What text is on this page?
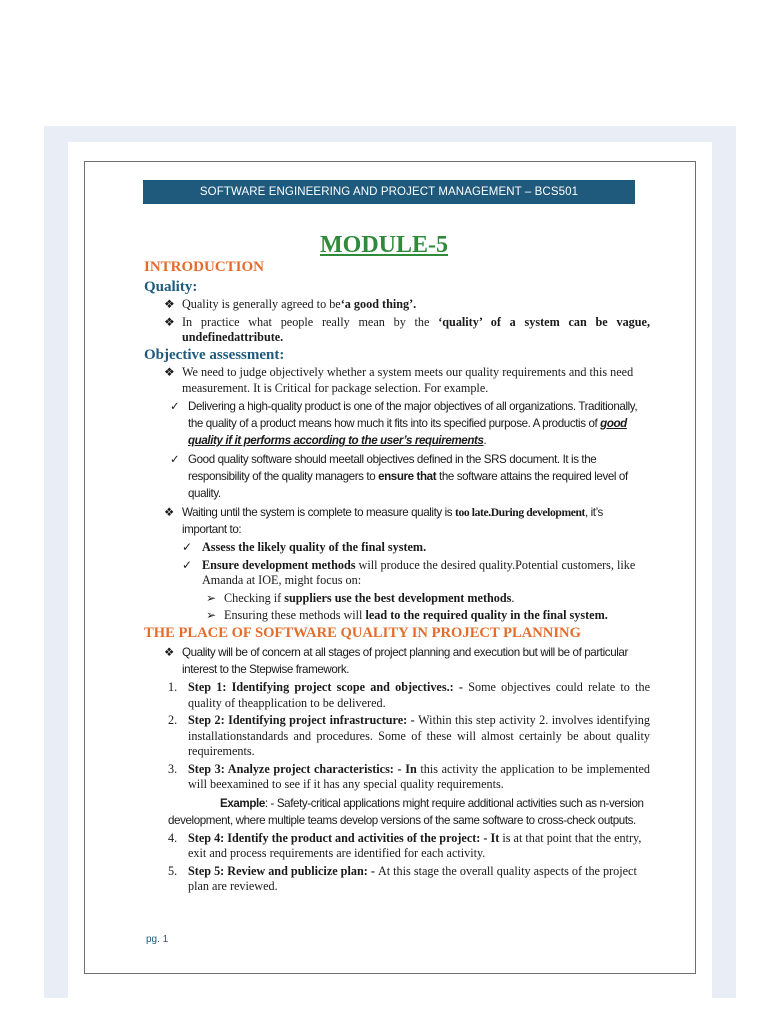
SOFTWARE ENGINEERING AND PROJECT MANAGEMENT – BCS501
MODULE-5
INTRODUCTION
Quality:
❖ Quality is generally agreed to be‘a good thing’.
❖ In practice what people really mean by the ‘quality’ of a system can be vague, undefinedattribute.
Objective assessment:
❖ We need to judge objectively whether a system meets our quality requirements and this need measurement. It is Critical for package selection. For example.
✓ Delivering a high-quality product is one of the major objectives of all organizations. Traditionally, the quality of a product means how much it fits into its specified purpose. A productis of good quality if it performs according to the user’s requirements.
✓ Good quality software should meetall objectives defined in the SRS document. It is the responsibility of the quality managers to ensure that the software attains the required level of quality.
❖ Waiting until the system is complete to measure quality is too late.During development, it’s important to:
✓ Assess the likely quality of the final system.
✓ Ensure development methods will produce the desired quality.Potential customers, like Amanda at IOE, might focus on:
➢ Checking if suppliers use the best development methods.
➢ Ensuring these methods will lead to the required quality in the final system.
THE PLACE OF SOFTWARE QUALITY IN PROJECT PLANNING
❖ Quality will be of concern at all stages of project planning and execution but will be of particular interest to the Stepwise framework.
1. Step 1: Identifying project scope and objectives.: - Some objectives could relate to the quality of theapplication to be delivered.
2. Step 2: Identifying project infrastructure: - Within this step activity 2. involves identifying installationstandards and procedures. Some of these will almost certainly be about quality requirements.
3. Step 3: Analyze project characteristics: - In this activity the application to be implemented will beexamined to see if it has any special quality requirements.
Example: - Safety-critical applications might require additional activities such as n-version development, where multiple teams develop versions of the same software to cross-check outputs.
4. Step 4: Identify the product and activities of the project: - It is at that point that the entry, exit and process requirements are identified for each activity.
5. Step 5: Review and publicize plan: - At this stage the overall quality aspects of the project plan are reviewed.
pg. 1
